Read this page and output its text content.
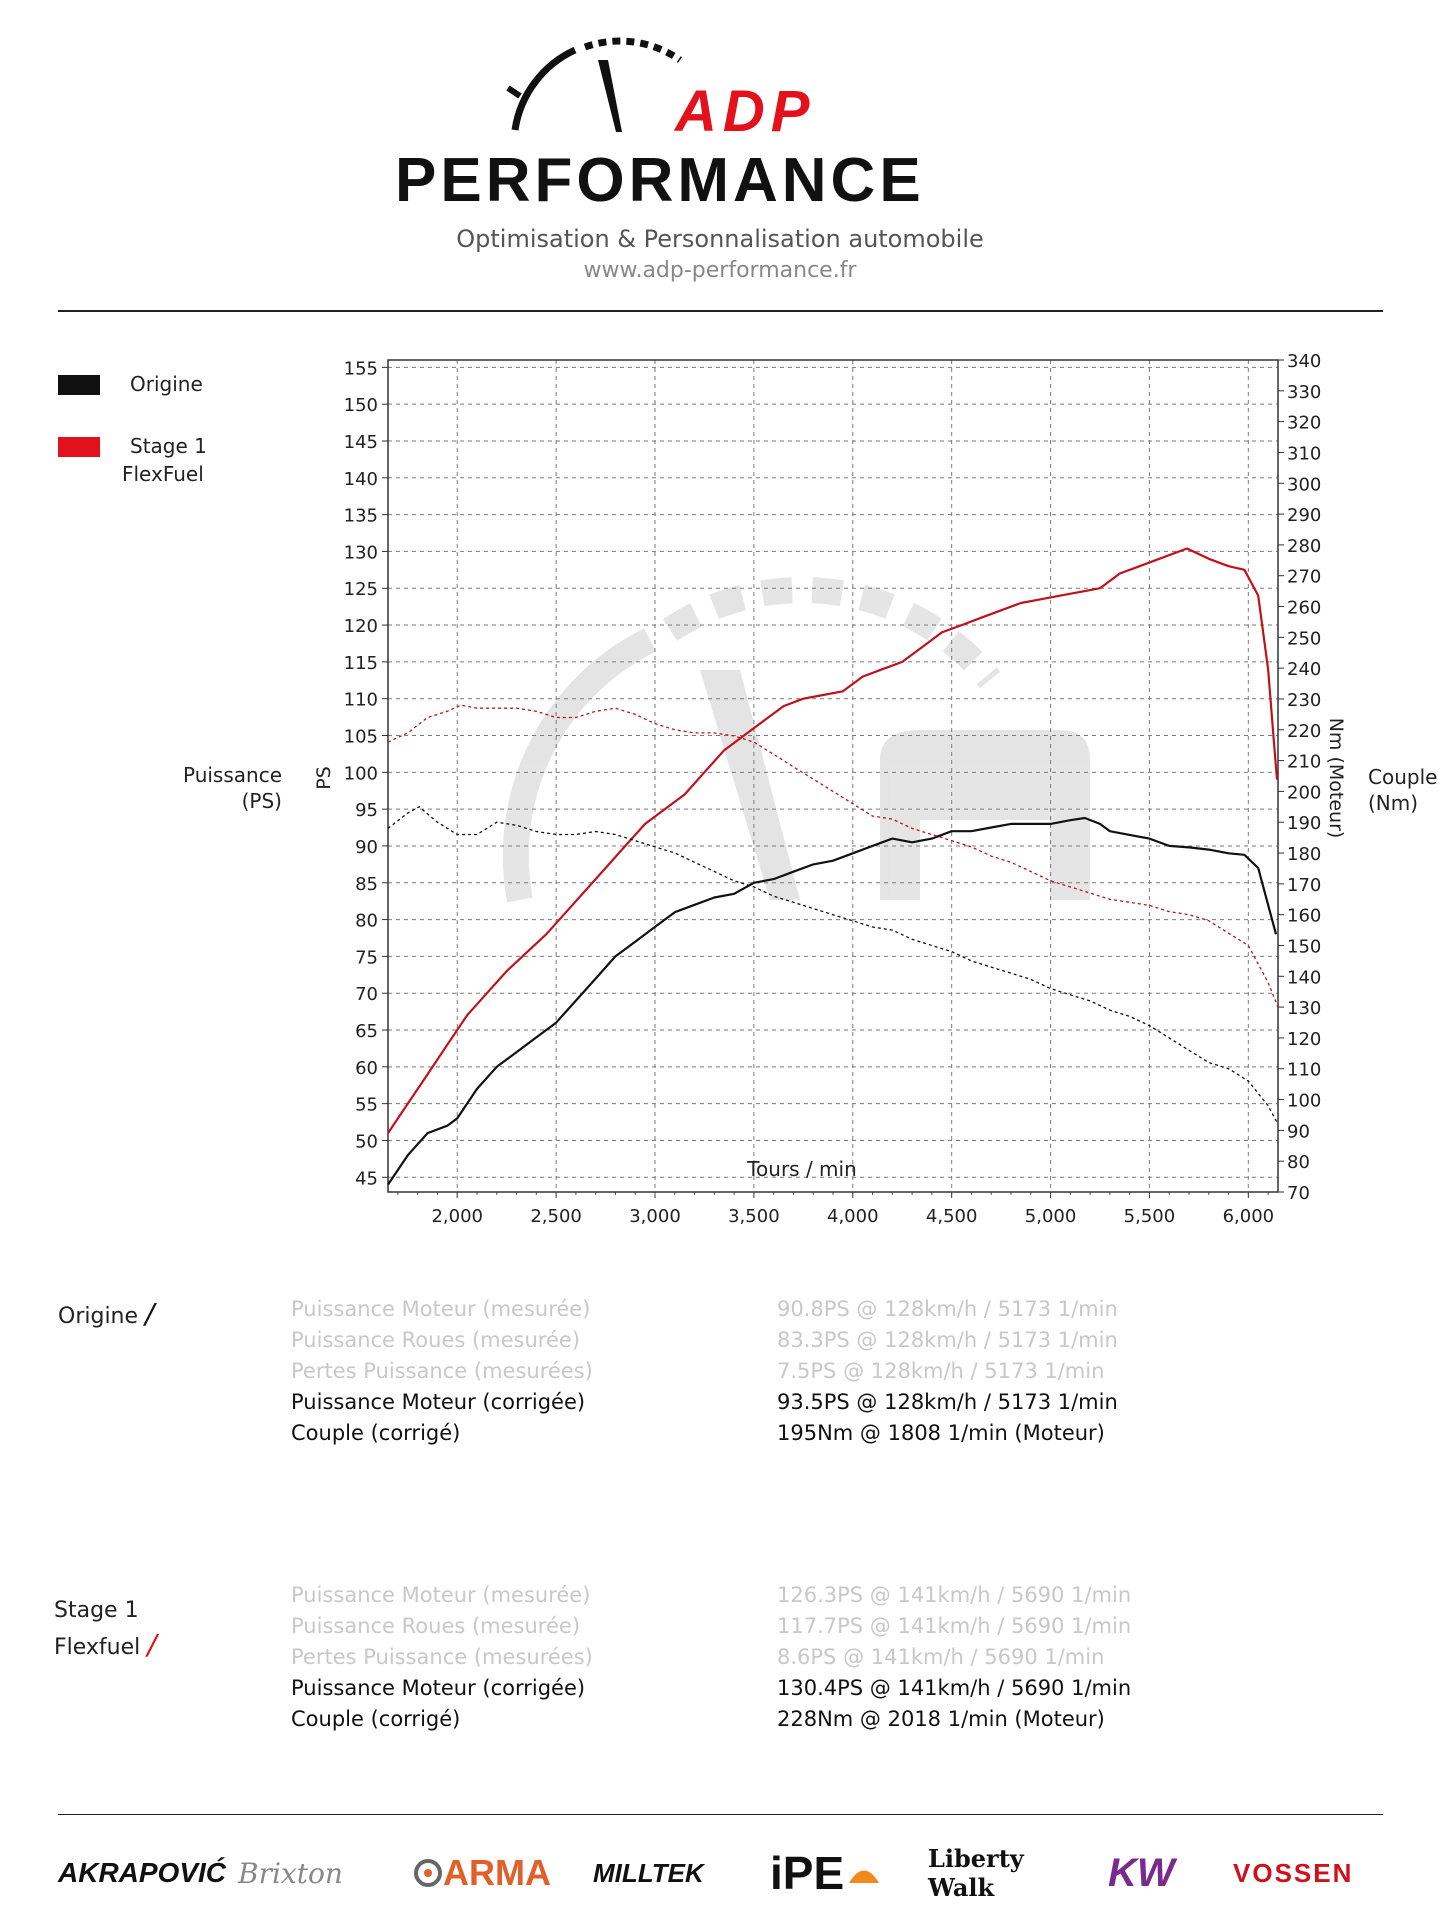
ADP
PERFORMANCE
Optimisation & Personnalisation automobile
www.adp-performance.fr
Origine
Stage 1
FlexFuel
Puissance
(PS)
Couple
(Nm)
45
50
55
60
65
70
75
80
85
90
95
100
105
110
115
120
125
130
135
140
145
150
155
70
80
90
100
110
120
130
140
150
160
170
180
190
200
210
220
230
240
250
260
270
280
290
300
310
320
330
340
2,000	2,500	3,000	3,500	4,000	4,500	5,000	5,500	6,000
Tours / min
PS	Nm (Moteur)
Origine /	Puissance Moteur (mesurée)	90.8PS @ 128km/h / 5173 1/min
Puissance Roues (mesurée)	83.3PS @ 128km/h / 5173 1/min
Pertes Puissance (mesurées)	7.5PS @ 128km/h / 5173 1/min
Puissance Moteur (corrigée)	93.5PS @ 128km/h / 5173 1/min
Couple (corrigé)	195Nm @ 1808 1/min (Moteur)
Stage 1
Flexfuel /
Puissance Moteur (mesurée)	126.3PS @ 141km/h / 5690 1/min
Puissance Roues (mesurée)	117.7PS @ 141km/h / 5690 1/min
Pertes Puissance (mesurées)	8.6PS @ 141km/h / 5690 1/min
Puissance Moteur (corrigée)	130.4PS @ 141km/h / 5690 1/min
Couple (corrigé)	228Nm @ 2018 1/min (Moteur)
AKRAPOVIĆ Brixton	ARMA MILLTEK	iPE	Liberty Walk	KW	VOSSEN
